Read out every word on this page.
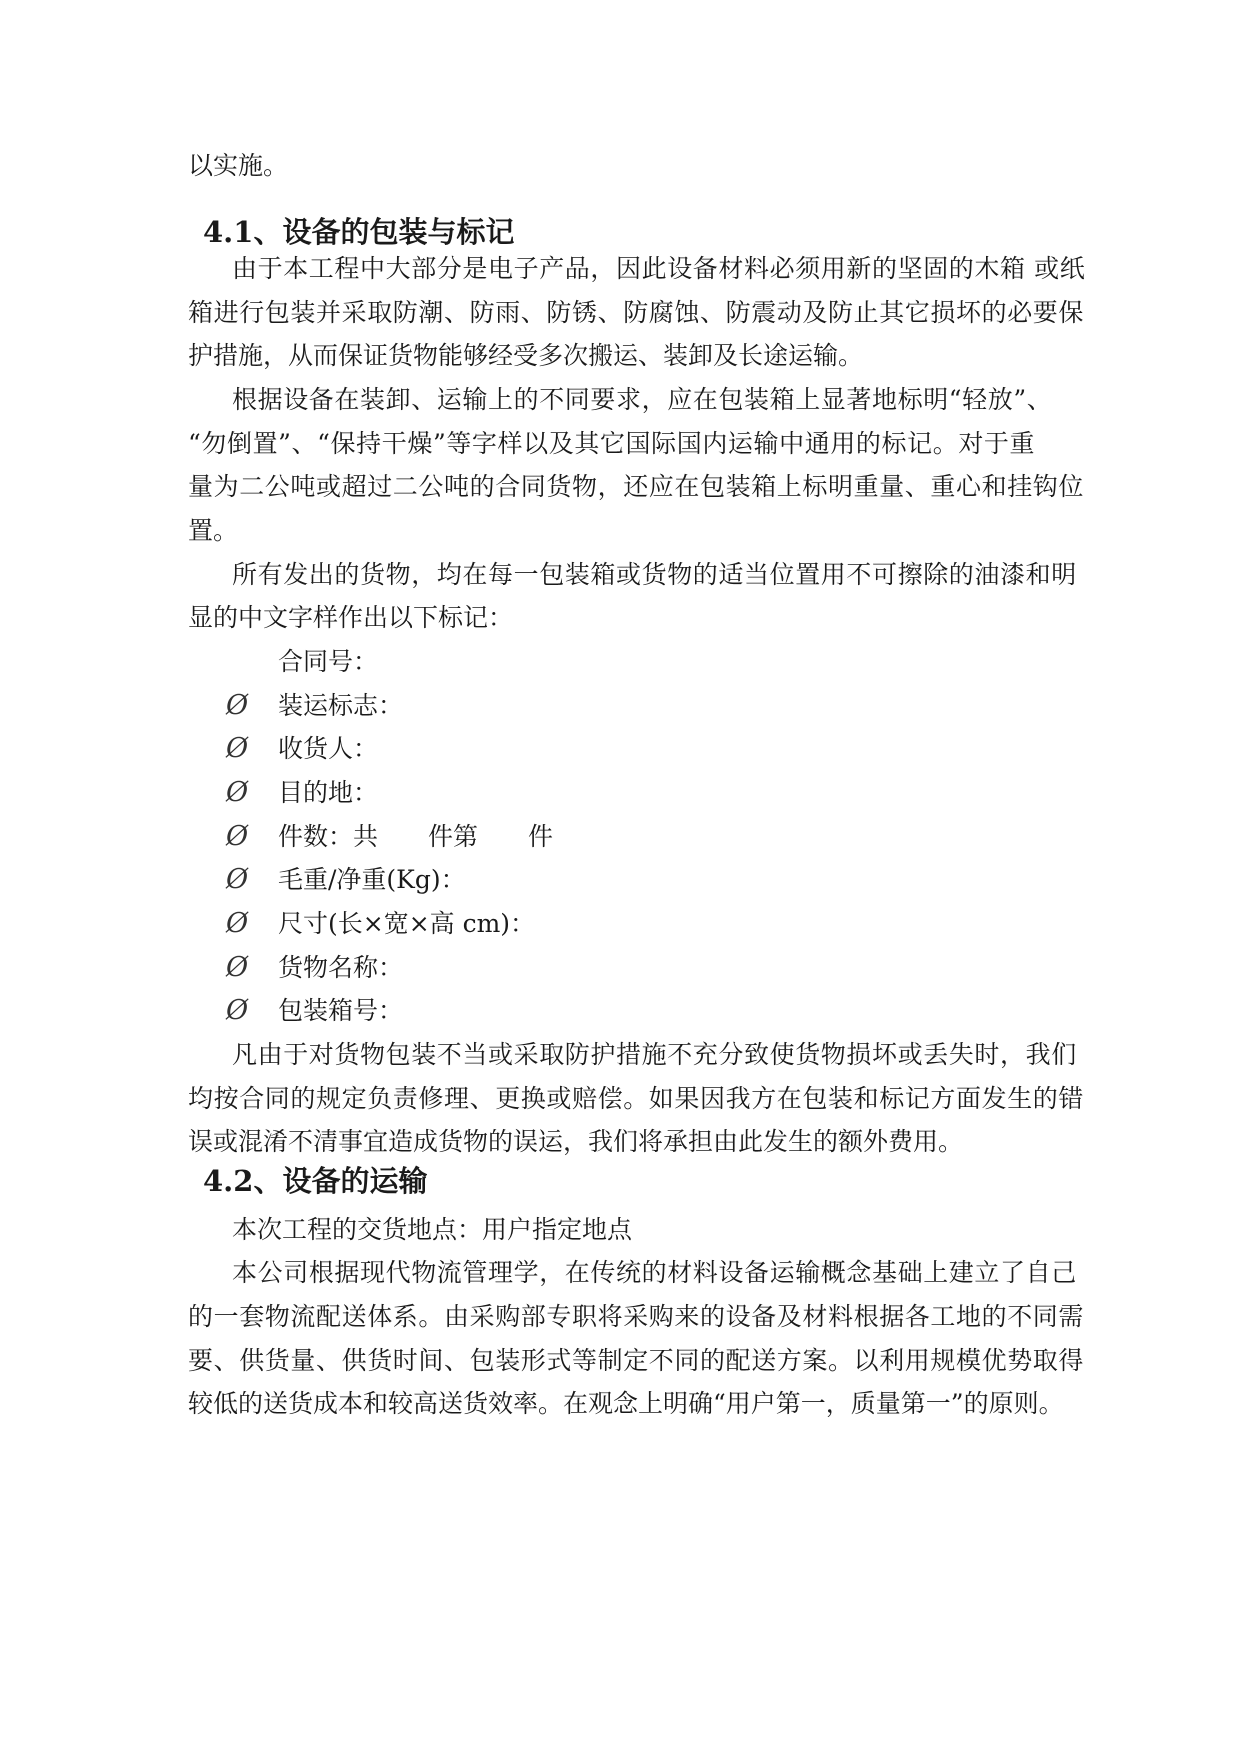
以实施。
4.1、设备的包装与标记
由于本工程中大部分是电子产品，因此设备材料必须用新的坚固的木箱 或纸
箱进行包装并采取防潮、防雨、防锈、防腐蚀、防震动及防止其它损坏的必要保
护措施，从而保证货物能够经受多次搬运、装卸及长途运输。
根据设备在装卸、运输上的不同要求，应在包装箱上显著地标明“轻放”、
“勿倒置”、“保持干燥”等字样以及其它国际国内运输中通用的标记。对于重
量为二公吨或超过二公吨的合同货物，还应在包装箱上标明重量、重心和挂钩位
置。
所有发出的货物，均在每一包装箱或货物的适当位置用不可擦除的油漆和明
显的中文字样作出以下标记：
合同号：
Ø 装运标志：
Ø 收货人：
Ø 目的地：
Ø 件数：共　　件第　　件
Ø 毛重/净重(Kg)：
Ø 尺寸(长×宽×高 cm)：
Ø 货物名称：
Ø 包装箱号：
凡由于对货物包装不当或采取防护措施不充分致使货物损坏或丢失时，我们
均按合同的规定负责修理、更换或赔偿。如果因我方在包装和标记方面发生的错
误或混淆不清事宜造成货物的误运，我们将承担由此发生的额外费用。
4.2、设备的运输
本次工程的交货地点：用户指定地点
本公司根据现代物流管理学，在传统的材料设备运输概念基础上建立了自己
的一套物流配送体系。由采购部专职将采购来的设备及材料根据各工地的不同需
要、供货量、供货时间、包装形式等制定不同的配送方案。以利用规模优势取得
较低的送货成本和较高送货效率。在观念上明确“用户第一，质量第一”的原则。
